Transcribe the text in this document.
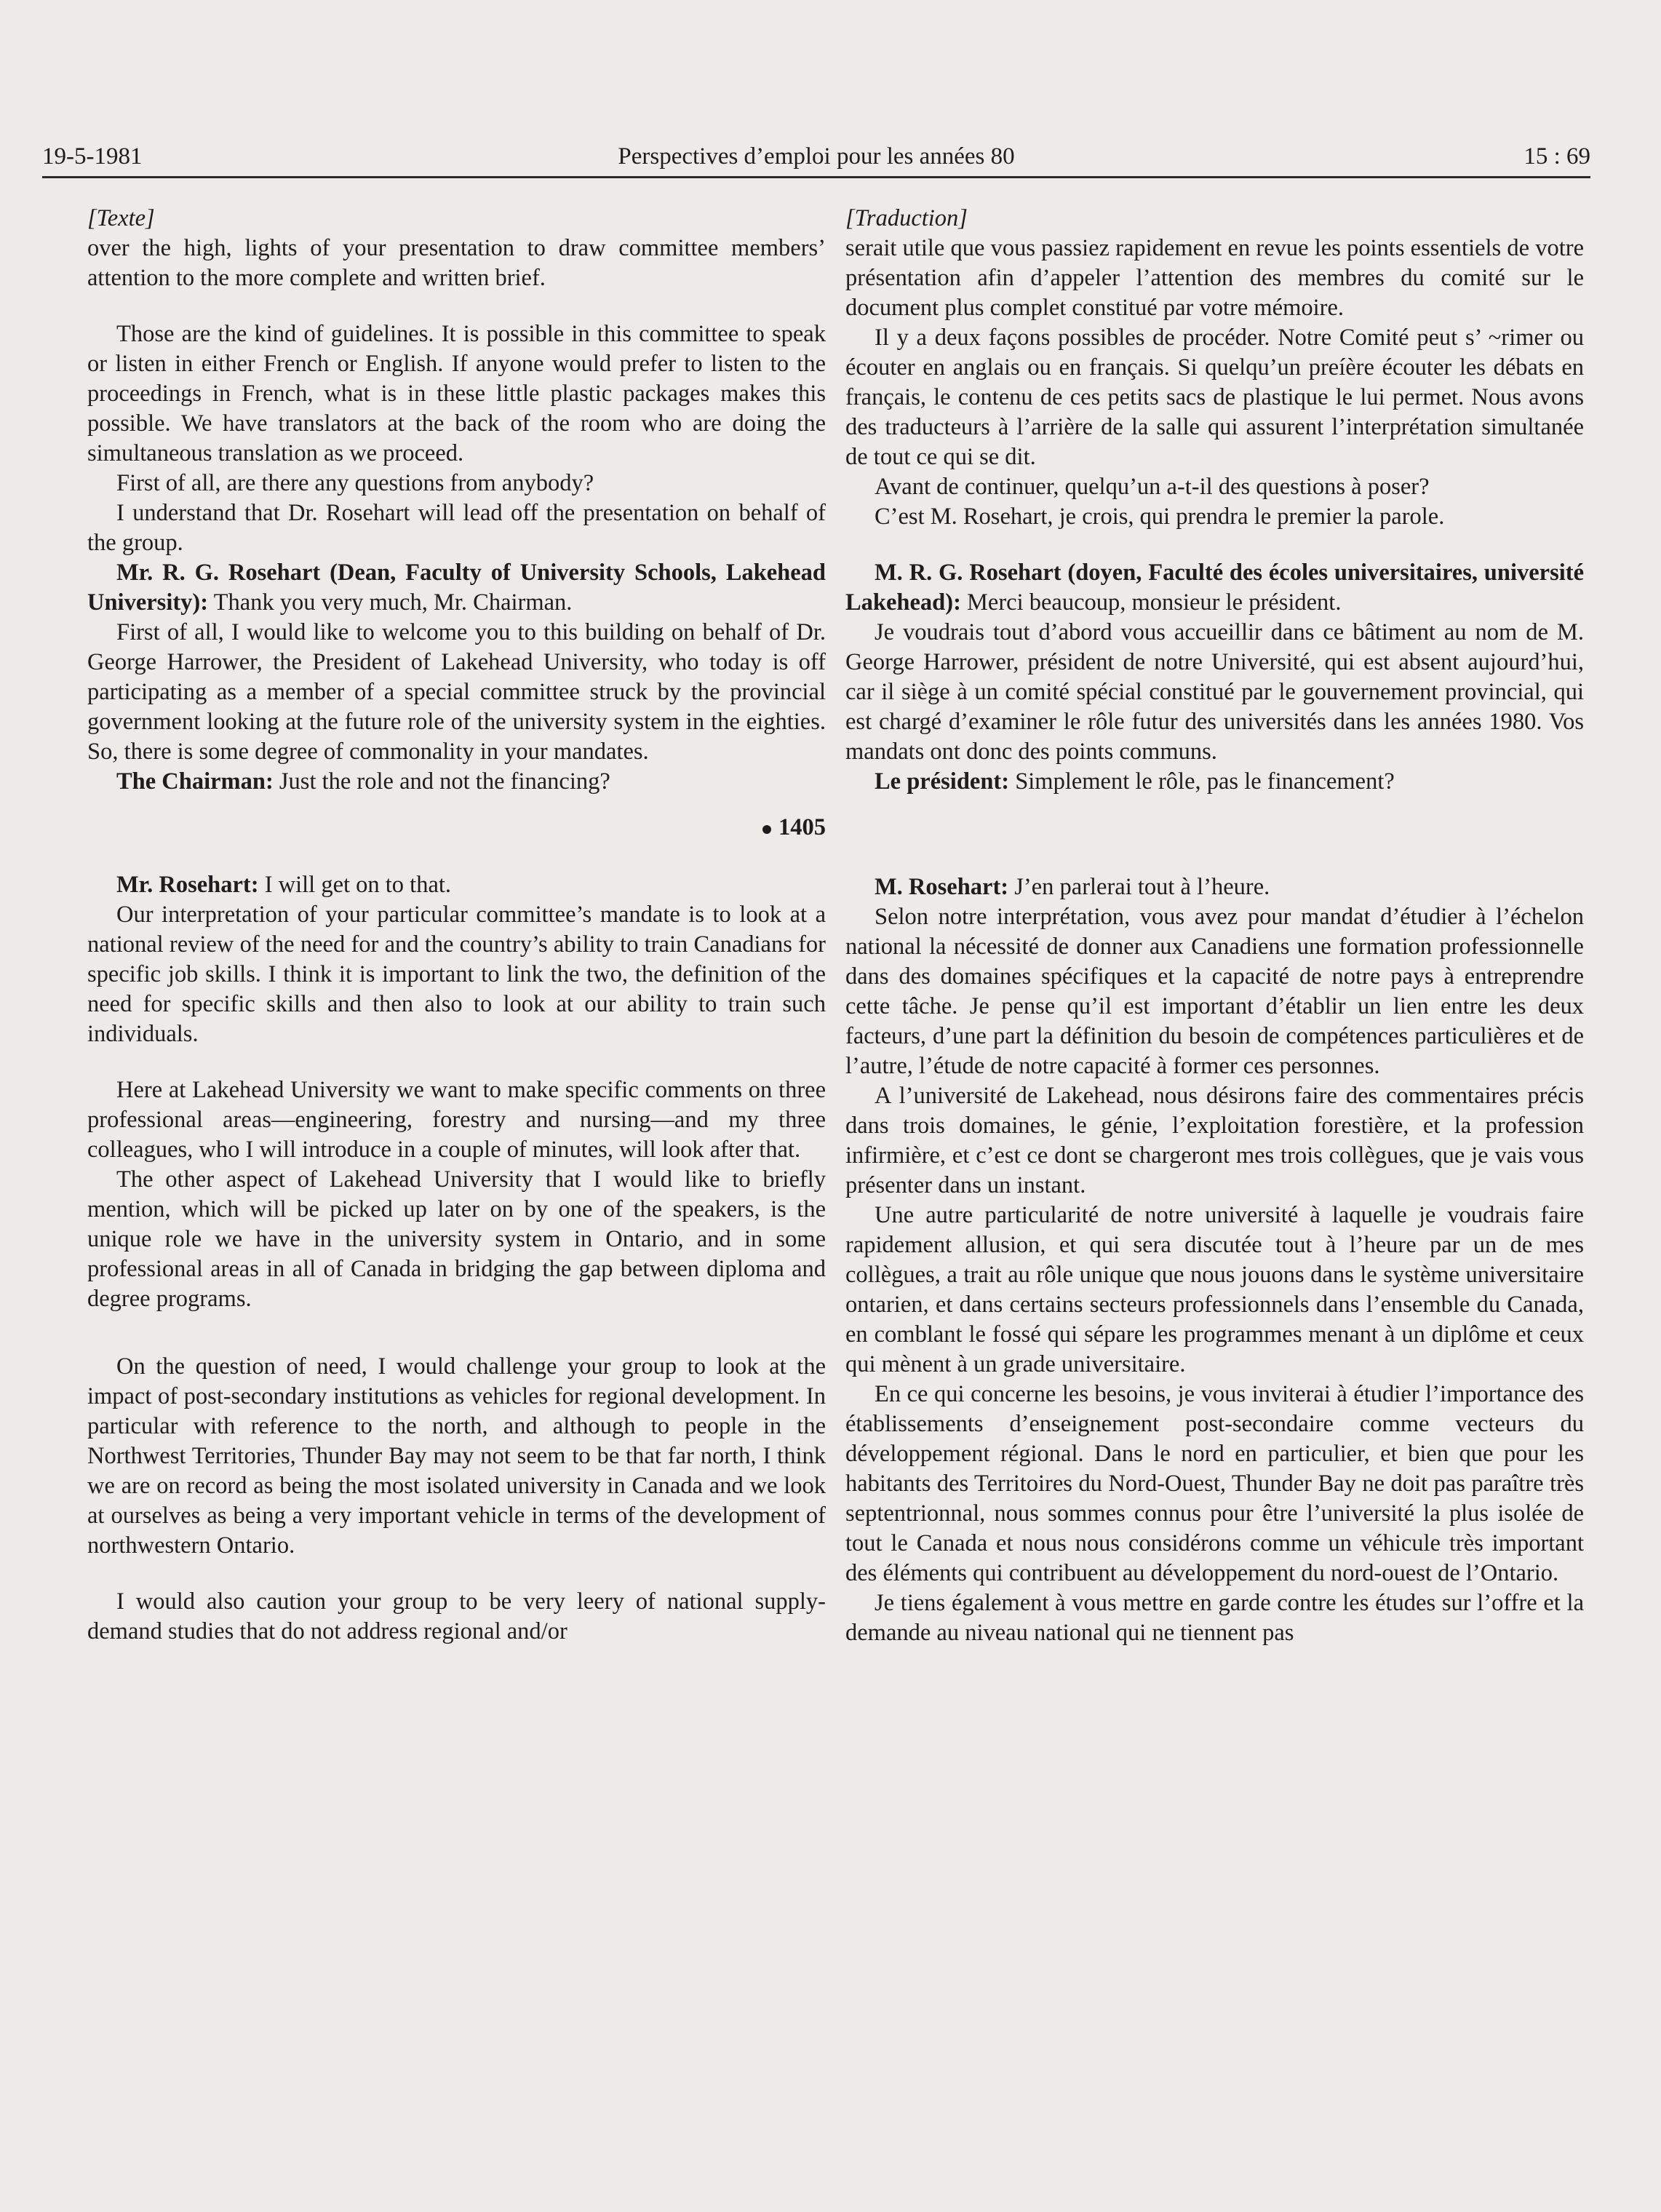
19-5-1981	Perspectives d’emploi pour les années 80	15 : 69

[Texte]

over the high, lights of your presentation to draw committee members’ attention to the more complete and written brief.

Those are the kind of guidelines. It is possible in this committee to speak or listen in either French or English. If anyone would prefer to listen to the proceedings in French, what is in these little plastic packages makes this possible. We have translators at the back of the room who are doing the simultaneous translation as we proceed.

First of all, are there any questions from anybody?

I understand that Dr. Rosehart will lead off the presentation on behalf of the group.

Mr. R. G. Rosehart (Dean, Faculty of University Schools, Lakehead University): Thank you very much, Mr. Chairman.

First of all, I would like to welcome you to this building on behalf of Dr. George Harrower, the President of Lakehead University, who today is off participating as a member of a special committee struck by the provincial government looking at the future role of the university system in the eighties. So, there is some degree of commonality in your mandates.

The Chairman: Just the role and not the financing?

1405

Mr. Rosehart: I will get on to that.

Our interpretation of your particular committee’s mandate is to look at a national review of the need for and the country’s ability to train Canadians for specific job skills. I think it is important to link the two, the definition of the need for specific skills and then also to look at our ability to train such individuals.

Here at Lakehead University we want to make specific comments on three professional areas—engineering, forestry and nursing—and my three colleagues, who I will introduce in a couple of minutes, will look after that.

The other aspect of Lakehead University that I would like to briefly mention, which will be picked up later on by one of the speakers, is the unique role we have in the university system in Ontario, and in some professional areas in all of Canada in bridging the gap between diploma and degree programs.

On the question of need, I would challenge your group to look at the impact of post-secondary institutions as vehicles for regional development. In particular with reference to the north, and although to people in the Northwest Territories, Thunder Bay may not seem to be that far north, I think we are on record as being the most isolated university in Canada and we look at ourselves as being a very important vehicle in terms of the development of northwestern Ontario.

I would also caution your group to be very leery of national supply-demand studies that do not address regional and/or

[Traduction]

serait utile que vous passiez rapidement en revue les points essentiels de votre présentation afin d’appeler l’attention des membres du comité sur le document plus complet constitué par votre mémoire.

Il y a deux façons possibles de procéder. Notre Comité peut s’ ~rimer ou écouter en anglais ou en français. Si quelqu’un preíère écouter les débats en français, le contenu de ces petits sacs de plastique le lui permet. Nous avons des traducteurs à l’arrière de la salle qui assurent l’interprétation simultanée de tout ce qui se dit.

Avant de continuer, quelqu’un a-t-il des questions à poser?

C’est M. Rosehart, je crois, qui prendra le premier la parole.

M. R. G. Rosehart (doyen, Faculté des écoles universitaires, université Lakehead): Merci beaucoup, monsieur le président.

Je voudrais tout d’abord vous accueillir dans ce bâtiment au nom de M. George Harrower, président de notre Université, qui est absent aujourd’hui, car il siège à un comité spécial constitué par le gouvernement provincial, qui est chargé d’examiner le rôle futur des universités dans les années 1980. Vos mandats ont donc des points communs.

Le président: Simplement le rôle, pas le financement?

M. Rosehart: J’en parlerai tout à l’heure.

Selon notre interprétation, vous avez pour mandat d’étudier à l’échelon national la nécessité de donner aux Canadiens une formation professionnelle dans des domaines spécifiques et la capacité de notre pays à entreprendre cette tâche. Je pense qu’il est important d’établir un lien entre les deux facteurs, d’une part la définition du besoin de compétences particulières et de l’autre, l’étude de notre capacité à former ces personnes.

A l’université de Lakehead, nous désirons faire des commentaires précis dans trois domaines, le génie, l’exploitation forestière, et la profession infirmière, et c’est ce dont se chargeront mes trois collègues, que je vais vous présenter dans un instant.

Une autre particularité de notre université à laquelle je voudrais faire rapidement allusion, et qui sera discutée tout à l’heure par un de mes collègues, a trait au rôle unique que nous jouons dans le système universitaire ontarien, et dans certains secteurs professionnels dans l’ensemble du Canada, en comblant le fossé qui sépare les programmes menant à un diplôme et ceux qui mènent à un grade universitaire.

En ce qui concerne les besoins, je vous inviterai à étudier l’importance des établissements d’enseignement post-secondaire comme vecteurs du développement régional. Dans le nord en particulier, et bien que pour les habitants des Territoires du Nord-Ouest, Thunder Bay ne doit pas paraître très septentrionnal, nous sommes connus pour être l’université la plus isolée de tout le Canada et nous nous considérons comme un véhicule très important des éléments qui contribuent au développement du nord-ouest de l’Ontario.

Je tiens également à vous mettre en garde contre les études sur l’offre et la demande au niveau national qui ne tiennent pas
